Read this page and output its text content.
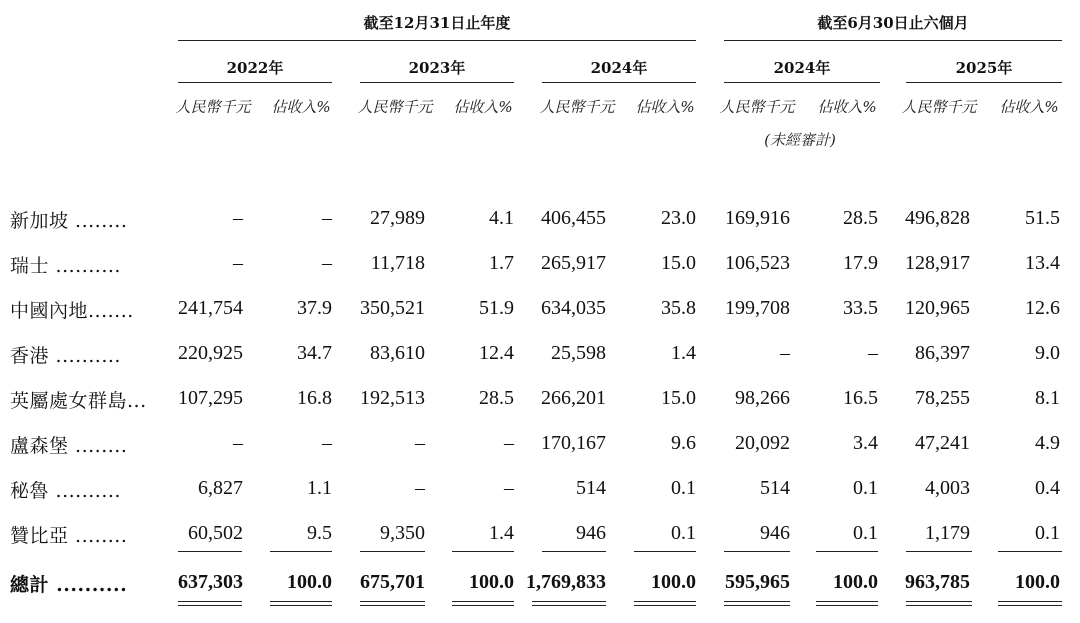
截至12月31日止年度	截至6月30日止六個月
2022年	2023年	2024年	2024年	2025年
人民幣千元	佔收入%	人民幣千元	佔收入%	人民幣千元	佔收入%	人民幣千元	佔收入%
(未經審計)
人民幣千元	佔收入%
新加坡 ........	–	– 27,989	4.1 406,455	23.0 169,916	28.5 496,828	51.5
瑞士 ..........	–	– 11,718	1.7 265,917	15.0 106,523	17.9 128,917	13.4
中國內地....... 241,754	37.9 350,521	51.9 634,035	35.8 199,708	33.5 120,965	12.6
香港 ..........	220,925	34.7 83,610	12.4 25,598	1.4	–	– 86,397	9.0
英屬處女群島... 107,295	16.8 192,513	28.5 266,201	15.0 98,266	16.5 78,255	8.1
盧森堡 ........	–	–	–	– 170,167	9.6 20,092	3.4 47,241	4.9
秘魯 ..........	6,827	1.1	–	–	514	0.1	514	0.1 4,003	0.4
贊比亞 ........	60,502	9.5 9,350	1.4	946	0.1	946	0.1 1,179	0.1
總計 ..........	637,303 100.0 675,701 100.0 1,769,833 100.0 595,965 100.0 963,785 100.0
